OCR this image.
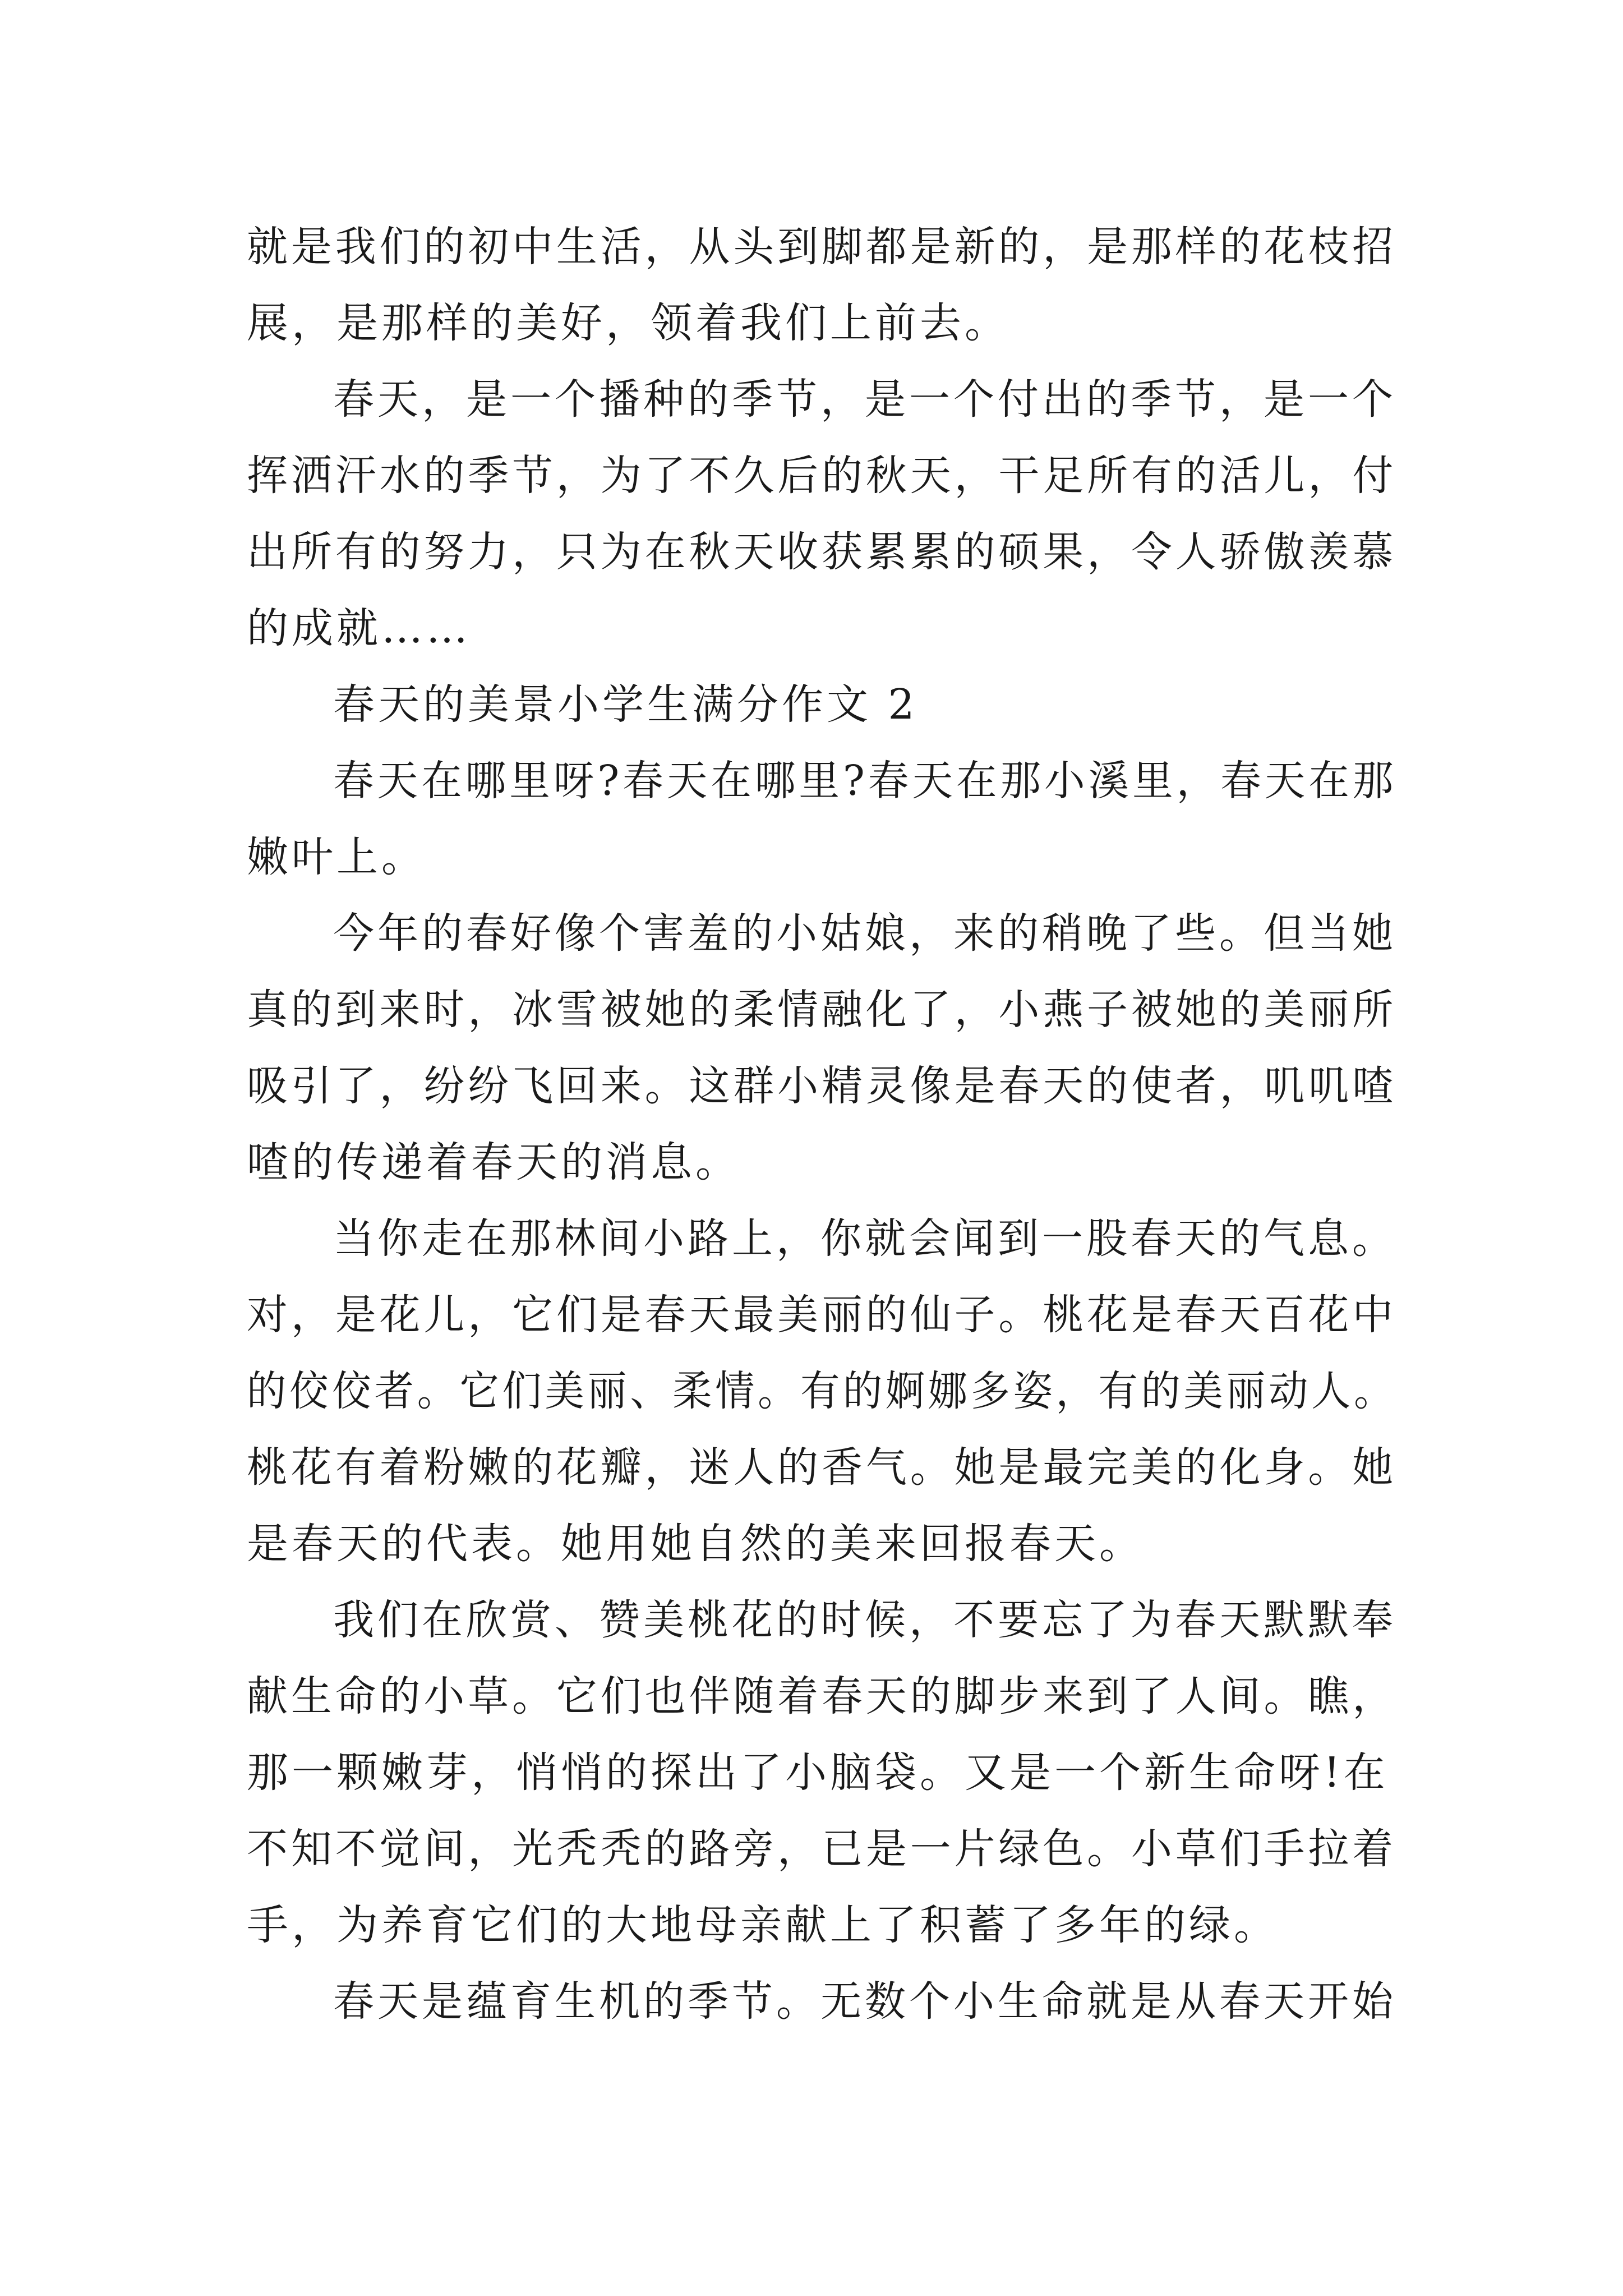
就是我们的初中生活，从头到脚都是新的，是那样的花枝招
展，是那样的美好，领着我们上前去。
春天，是一个播种的季节，是一个付出的季节，是一个
挥洒汗水的季节，为了不久后的秋天，干足所有的活儿，付
出所有的努力，只为在秋天收获累累的硕果，令人骄傲羡慕
的成就……
春天的美景小学生满分作文 2
春天在哪里呀?春天在哪里?春天在那小溪里，春天在那
嫩叶上。
今年的春好像个害羞的小姑娘，来的稍晚了些。但当她
真的到来时，冰雪被她的柔情融化了，小燕子被她的美丽所
吸引了，纷纷飞回来。这群小精灵像是春天的使者，叽叽喳
喳的传递着春天的消息。
当你走在那林间小路上，你就会闻到一股春天的气息。
对，是花儿，它们是春天最美丽的仙子。桃花是春天百花中
的佼佼者。它们美丽、柔情。有的婀娜多姿，有的美丽动人。
桃花有着粉嫩的花瓣，迷人的香气。她是最完美的化身。她
是春天的代表。她用她自然的美来回报春天。
我们在欣赏、赞美桃花的时候，不要忘了为春天默默奉
献生命的小草。它们也伴随着春天的脚步来到了人间。瞧，
那一颗嫩芽，悄悄的探出了小脑袋。又是一个新生命呀!在
不知不觉间，光秃秃的路旁，已是一片绿色。小草们手拉着
手，为养育它们的大地母亲献上了积蓄了多年的绿。
春天是蕴育生机的季节。无数个小生命就是从春天开始
